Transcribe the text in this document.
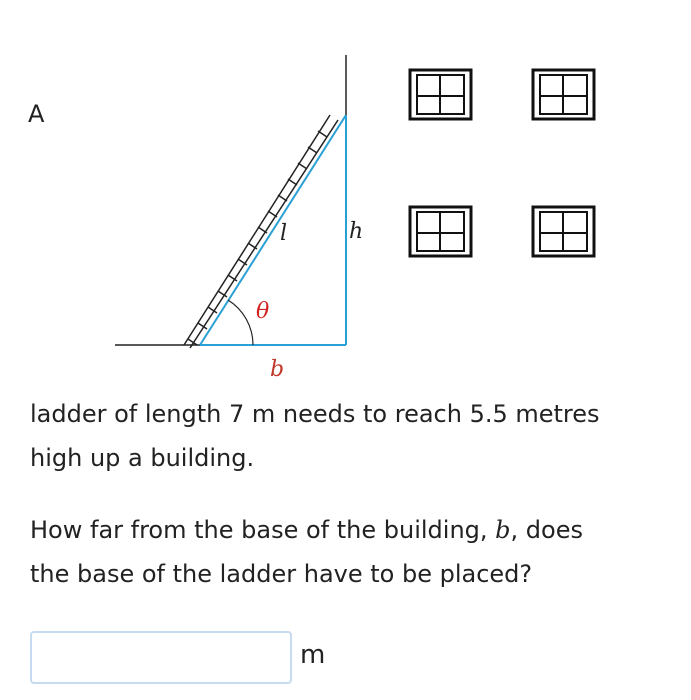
A
l	h
θ
b
ladder of length 7 m needs to reach 5.5 metres
high up a building.
How far from the base of the building, b, does
the base of the ladder have to be placed?
m
